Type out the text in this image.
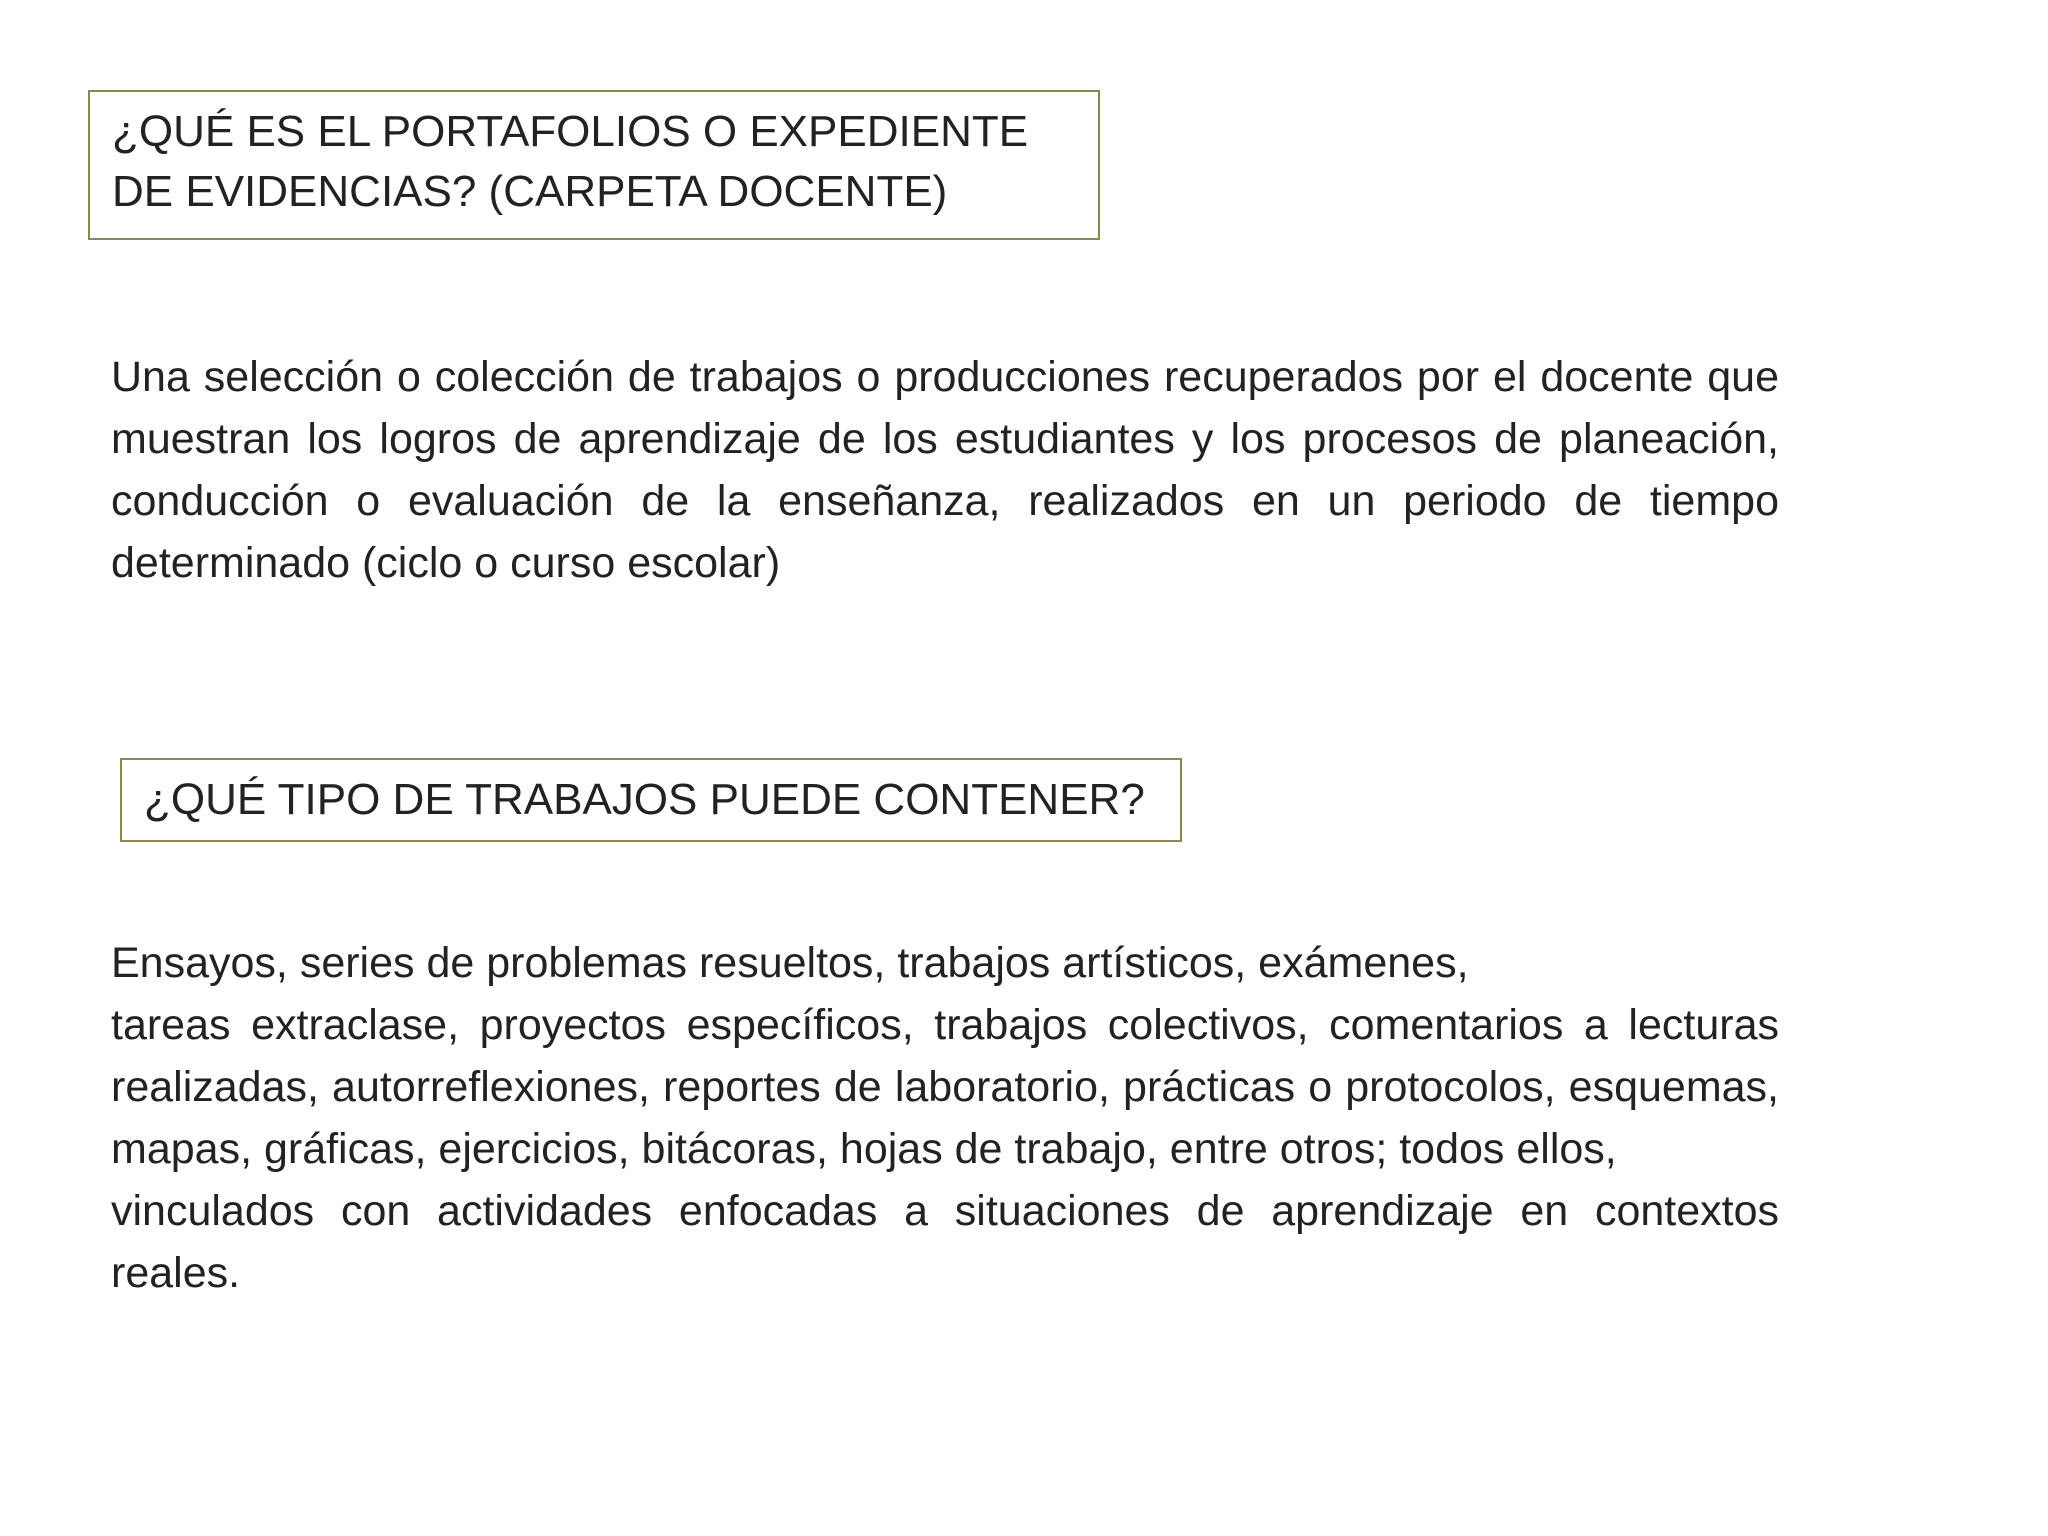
¿QUÉ ES EL PORTAFOLIOS O EXPEDIENTE DE EVIDENCIAS? (CARPETA DOCENTE)

Una selección o colección de trabajos o producciones recuperados por el docente que muestran los logros de aprendizaje de los estudiantes y los procesos de planeación, conducción o evaluación de la enseñanza, realizados en un periodo de tiempo determinado (ciclo o curso escolar)

¿QUÉ TIPO DE TRABAJOS PUEDE CONTENER?
Ensayos, series de problemas resueltos, trabajos artísticos, exámenes,
tareas extraclase, proyectos específicos, trabajos colectivos, comentarios a lecturas realizadas, autorreflexiones, reportes de laboratorio, prácticas o protocolos, esquemas, mapas, gráficas, ejercicios, bitácoras, hojas de trabajo, entre otros; todos ellos,
vinculados con actividades enfocadas a situaciones de aprendizaje en contextos reales.
